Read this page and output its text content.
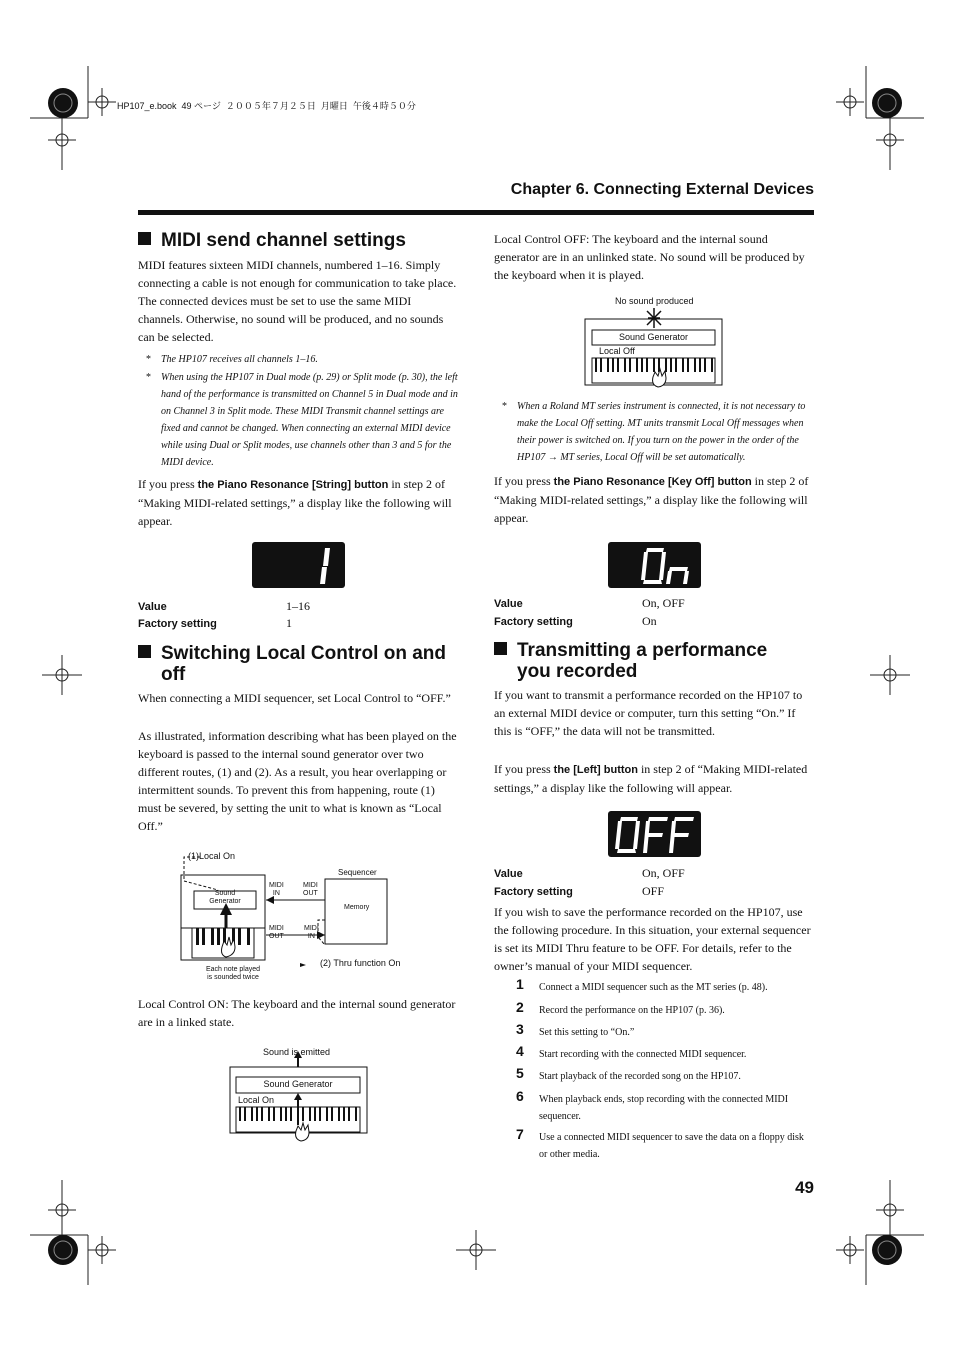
HP107_e.book  49 ページ  ２００５年７月２５日  月曜日  午後４時５０分
Chapter 6. Connecting External Devices
MIDI send channel settings
MIDI features sixteen MIDI channels, numbered 1–16. Simply connecting a cable is not enough for communication to take place. The connected devices must be set to use the same MIDI channels. Otherwise, no sound will be produced, and no sounds can be selected.
* The HP107 receives all channels 1–16.
* When using the HP107 in Dual mode (p. 29) or Split mode (p. 30), the left hand of the performance is transmitted on Channel 5 in Dual mode and in on Channel 3 in Split mode. These MIDI Transmit channel settings are fixed and cannot be changed. When connecting an external MIDI device while using Dual or Split modes, use channels other than 3 and 5 for the MIDI device.
If you press the Piano Resonance [String] button in step 2 of “Making MIDI-related settings,” a display like the following will appear.
Value	1–16
Factory setting	1
Switching Local Control on and
off
When connecting a MIDI sequencer, set Local Control to “OFF.”
As illustrated, information describing what has been played on the keyboard is passed to the internal sound generator over two different routes, (1) and (2). As a result, you hear overlapping or intermittent sounds. To prevent this from happening, route (1) must be severed, by setting the unit to what is known as “Local Off.”
(1)Local On
Sequencer
Sound
Generator
MIDI
IN
MIDI
OUT
MIDI
OUT
MIDI
IN
Memory
Each note played
is sounded twice
(2) Thru function On
Local Control ON: The keyboard and the internal sound generator are in a linked state.
Sound is emitted
Sound Generator
Local On
Local Control OFF: The keyboard and the internal sound generator are in an unlinked state. No sound will be produced by the keyboard when it is played.
No sound produced
Sound Generator
Local Off
* When a Roland MT series instrument is connected, it is not necessary to make the Local Off setting. MT units transmit Local Off messages when their power is switched on. If you turn on the power in the order of the HP107 → MT series, Local Off will be set automatically.
If you press the Piano Resonance [Key Off] button in step 2 of “Making MIDI-related settings,” a display like the following will appear.
Value	On, OFF
Factory setting	On
Transmitting a performance
you recorded
If you want to transmit a performance recorded on the HP107 to an external MIDI device or computer, turn this setting “On.” If this is “OFF,” the data will not be transmitted.
If you press the [Left] button in step 2 of “Making MIDI-related settings,” a display like the following will appear.
Value	On, OFF
Factory setting	OFF
If you wish to save the performance recorded on the HP107, use the following procedure. In this situation, your external sequencer is set its MIDI Thru feature to be OFF. For details, refer to the owner’s manual of your MIDI sequencer.
1 Connect a MIDI sequencer such as the MT series (p. 48).
2 Record the performance on the HP107 (p. 36).
3 Set this setting to “On.”
4 Start recording with the connected MIDI sequencer.
5 Start playback of the recorded song on the HP107.
6 When playback ends, stop recording with the connected MIDI sequencer.
7 Use a connected MIDI sequencer to save the data on a floppy disk or other media.
49
